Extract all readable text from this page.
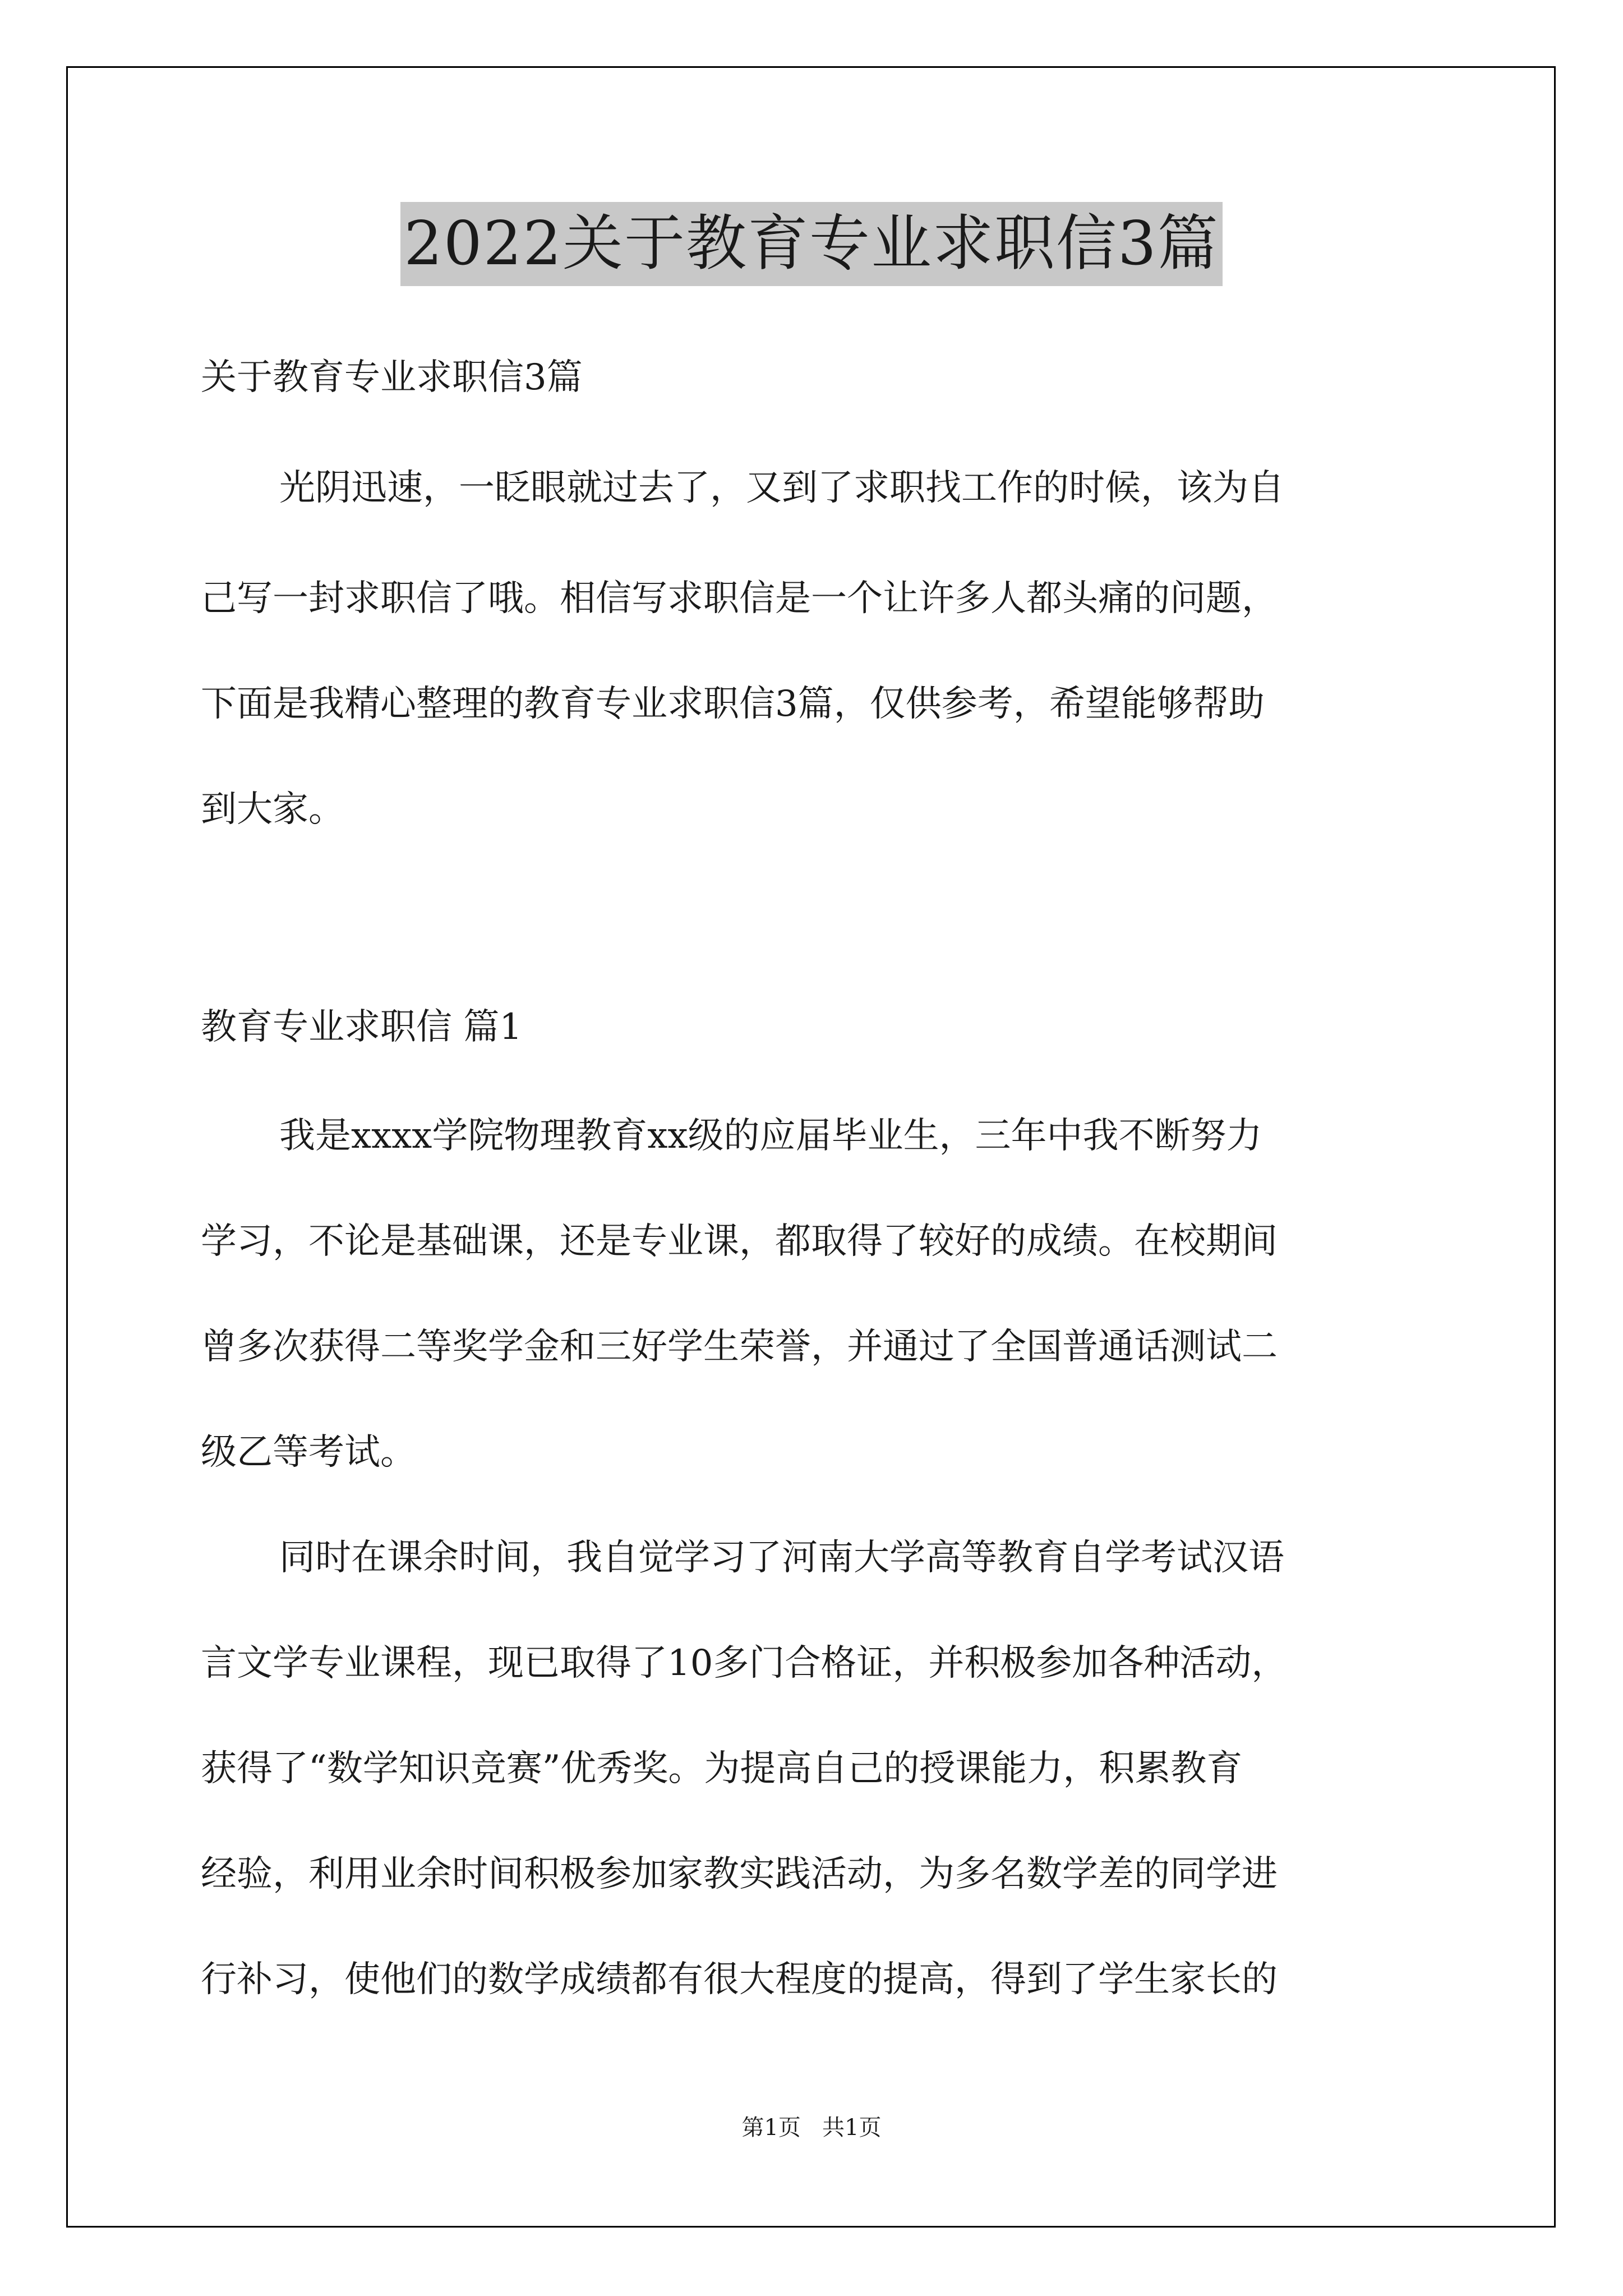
2022关于教育专业求职信3篇
关于教育专业求职信3篇
光阴迅速，一眨眼就过去了，又到了求职找工作的时候，该为自
己写一封求职信了哦。相信写求职信是一个让许多人都头痛的问题，
下面是我精心整理的教育专业求职信3篇，仅供参考，希望能够帮助
到大家。
教育专业求职信 篇1
我是xxxx学院物理教育xx级的应届毕业生，三年中我不断努力
学习，不论是基础课，还是专业课，都取得了较好的成绩。在校期间
曾多次获得二等奖学金和三好学生荣誉，并通过了全国普通话测试二
级乙等考试。
同时在课余时间，我自觉学习了河南大学高等教育自学考试汉语
言文学专业课程，现已取得了10多门合格证，并积极参加各种活动，
获得了“数学知识竞赛”优秀奖。为提高自己的授课能力，积累教育
经验，利用业余时间积极参加家教实践活动，为多名数学差的同学进
行补习，使他们的数学成绩都有很大程度的提高，得到了学生家长的
第1页   共1页
